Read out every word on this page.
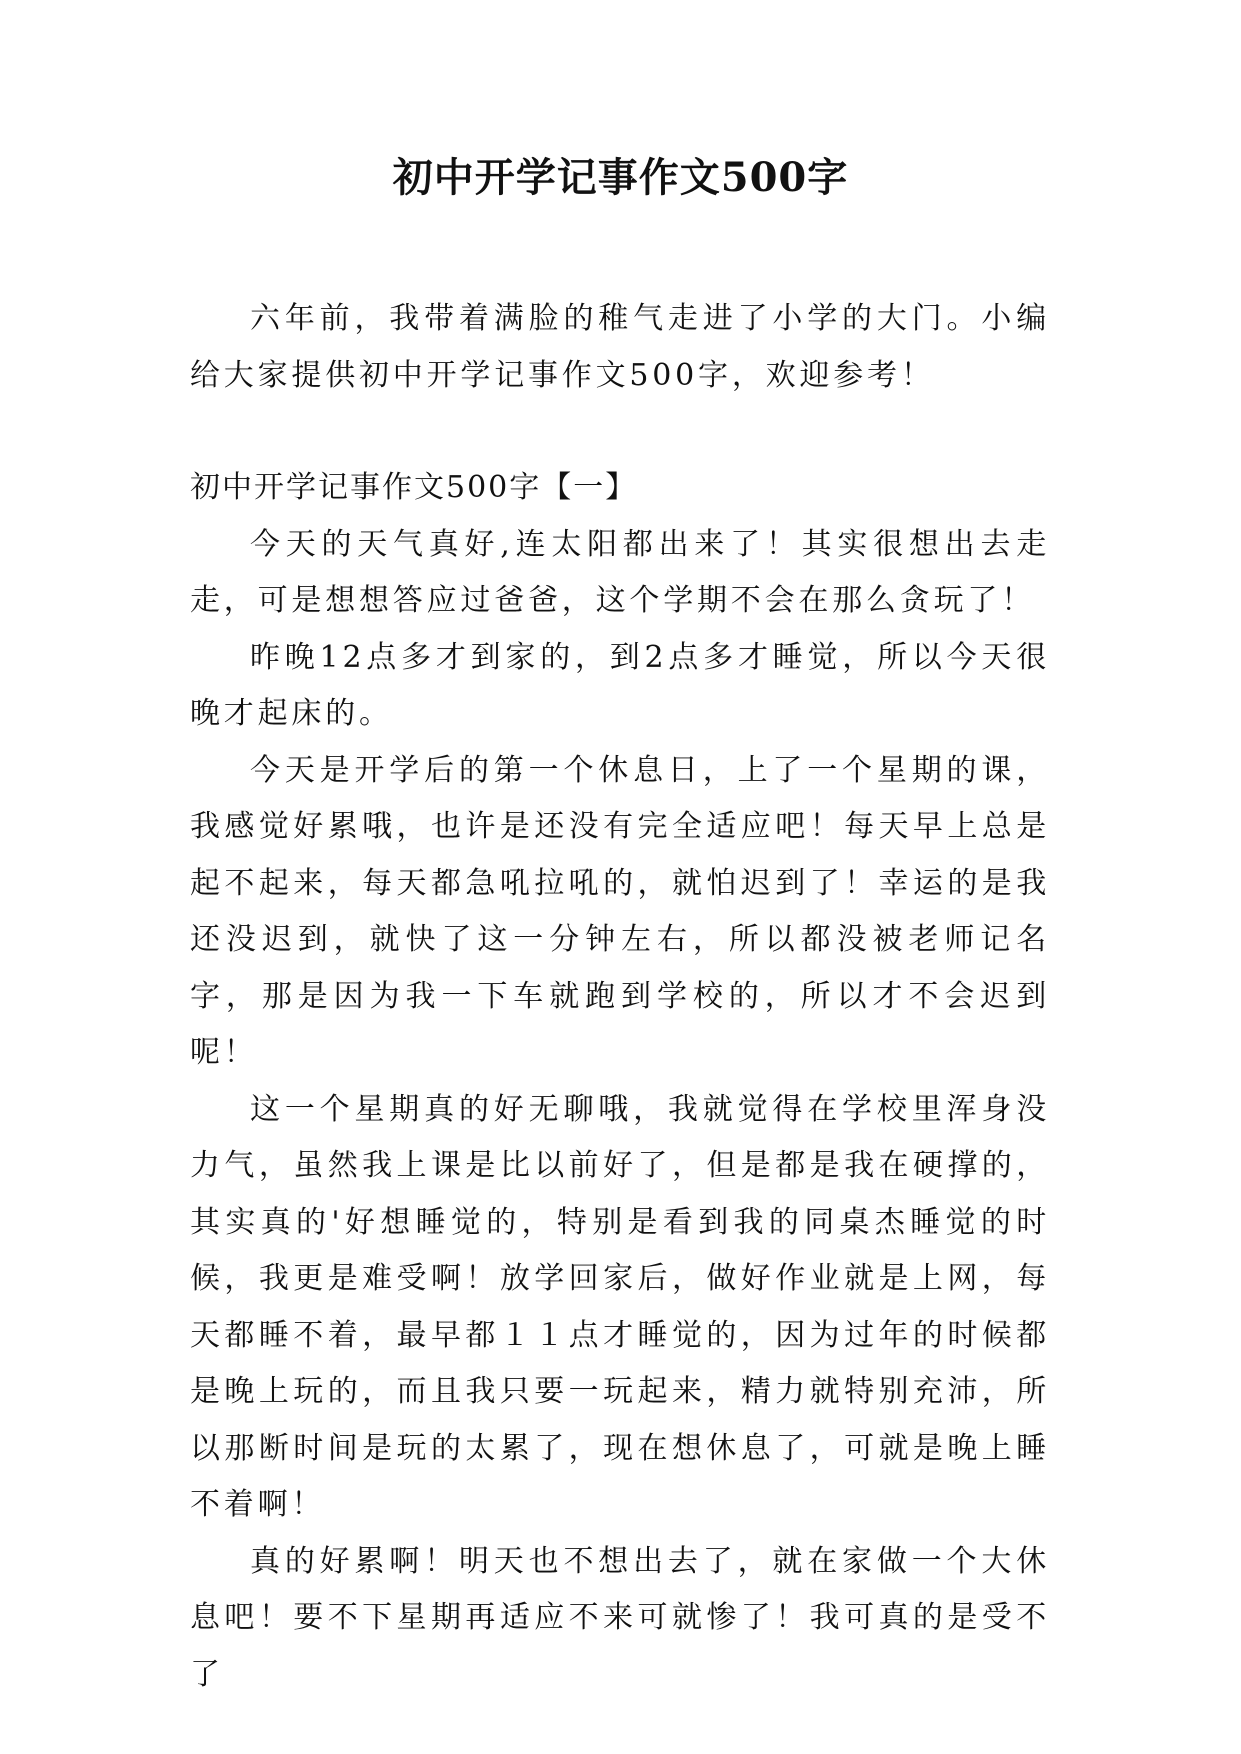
初中开学记事作文500字

六年前，我带着满脸的稚气走进了小学的大门。小编给大家提供初中开学记事作文500字，欢迎参考！

初中开学记事作文500字【一】

今天的天气真好,连太阳都出来了！其实很想出去走走，可是想想答应过爸爸，这个学期不会在那么贪玩了！

昨晚12点多才到家的，到2点多才睡觉，所以今天很晚才起床的。

今天是开学后的第一个休息日，上了一个星期的课，我感觉好累哦，也许是还没有完全适应吧！每天早上总是起不起来，每天都急吼拉吼的，就怕迟到了！幸运的是我还没迟到，就快了这一分钟左右，所以都没被老师记名字，那是因为我一下车就跑到学校的，所以才不会迟到呢！

这一个星期真的好无聊哦，我就觉得在学校里浑身没力气，虽然我上课是比以前好了，但是都是我在硬撑的，其实真的'好想睡觉的，特别是看到我的同桌杰睡觉的时候，我更是难受啊！放学回家后，做好作业就是上网，每天都睡不着，最早都１１点才睡觉的，因为过年的时候都是晚上玩的，而且我只要一玩起来，精力就特别充沛，所以那断时间是玩的太累了，现在想休息了，可就是晚上睡不着啊！

真的好累啊！明天也不想出去了，就在家做一个大休息吧！要不下星期再适应不来可就惨了！我可真的是受不了
